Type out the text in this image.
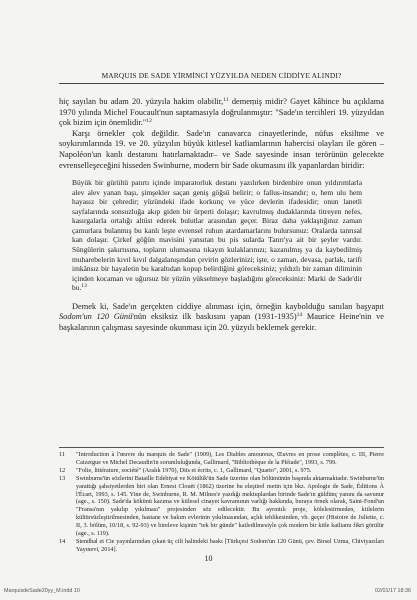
MARQUIS DE SADE YİRMİNCİ YÜZYILDA NEDEN CİDDİYE ALINDI?

hiç sayılan bu adam 20. yüzyıla hakim olabilir,$^{11}$ demeṃiş midir? Gayet kâhince bu açıklama 1970 yılında Michel Foucault'nun saptamasıyla doğrulanmıştır: "Sade'ın tercihleri 19. yüzyıldan çok bizim için önemlidir."$^{12}$

Karşı örnekler çok değildir. Sade'ın canavarca cinayetlerinde, nüfus eksiltme ve soykırımlarında 19. ve 20. yüzyılın büyük kitlesel katliamlarının habercisi olayları ile gören –Napoléon'un kanlı destanını hatırlamaktadır– ve Sade sayesinde insan terörünün gelecekte evrenselleşeceğini hisseden Swinburne, modern bir Sade okumasını ilk yapanlardan biridir:

Büyük bir gürültü patırtı içinde imparatorluk destanı yazılırken birdenbire onun yıldırımlarla alev alev yanan başı, şimşekler saçan geniş göğsü belirir; o fallus-insandır; o, hem ulu hem hayasız bir çehredir; yüzündeki ifade korkunç ve yüce devlerin ifadesidir; onun lanetli sayfalarında sonsuzluğa akıp giden bir ürperti dolaşır; kavrulmuş dudaklarında titreyen nefes, kasırgalarla ortalığı altüst ederek bulutlar arasından geçer. Biraz daha yaklaştığınız zaman çamurlara bulanmış bu kanlı leşte evrensel ruhun atardamarlarını bulursunuz: Oralarda tanrısal kan dolaşır. Çirkef göğün mavisini yansıtan bu pis sularda Tanrı'ya ait bir şeyler vardır. Süngülerin şakırtısına, topların ulumasına tıkayın kulaklarınızı; kazanılmış ya da kaybedilmiş muharebelerin kıvıl kıvıl dalgalanışından çevirin gözlerinizi; işte, o zaman, devasa, parlak, tarifi imkânsız bir hayaletin bu karaltıdan kopup belirdiğini göreceksiniz; yıldızlı bir zaman diliminin içinden kocaman ve uğursuz bir yüzün yükselmeye başladığını göreceksiniz: Marki de Sade'dir bu.$^{13}$

Demek ki, Sade'ın gerçekten ciddiye alınması için, örneğin kaybolduğu sanılan başyapıt Sodom'un 120 Günü'nün eksiksiz ilk baskısını yapan (1931-1935)$^{14}$ Maurice Heine'nin ve başkalarının çalışması sayesinde okunması için 20. yüzyılı beklemek gerekir.

11	"Introduction à l'œuvre du marquis de Sade" (1909), Les Diables amoureux, Œuvres en prose complètes, c. III, Pierre Caizergue ve Michel Decaudin'in sorumluluğunda, Gallimard, "Bibliothèque de la Pléiade", 1993, s. 799.
12	"Folie, littérature, société" (Aralık 1970), Dits et écrits, c. 1, Gallimard, "Quarto", 2001, s. 975.
13	Swinburne'ün sözlerini Bataille Edebiyat ve Kötülük'ün Sade üzerine olan bölümünün başında aktarmaktadır. Swinburne'ün yarattığı şahsiyetlerden biri olan Ernest Clouët (1862) üzerine bu eleştirel metin için bkz. Apologie de Sade, Éditions À l'Écart, 1993, s. 145. Yine de, Swinburne, R. M. Milnes'e yazdığı mektuplardan birinde Sade'ın güldünç yanını da savunur (age., s. 150). Sade'da kökünü kazıma ve kitlesel cinayet kavramının varlığı hakkında, buraya örnek olarak, Saint-Fond'un "Fransa'nın yakılıp yıkılması" projesinden söz edilecektir. Bu ayrıntılı proje, kölelestirmeden, kitlelerin kültürsüzleştirilmesinden, hastane ve bakım evlerinin yıkılmasından, açlık tehlikesinden, vb. geçer (Histoire de Juliette, c. II, 3. bölüm, 10/18, s. 92-93) ve bireleve kişinin "tek bir günde" katledilmesiyle çok modern bir kitle katliamı fikri görülür (age., s. 119).
14	Stendhal et Cie yayınlarından çıkan üç cilt halindeki baskı [Türkçesi Sodom'un 120 Günü, çev. Birsel Uzma, Chiviyazıları Yayınevi, 2014].
10
MarquisdeSade20yy_M.indd 10	02/01/17 18:36
